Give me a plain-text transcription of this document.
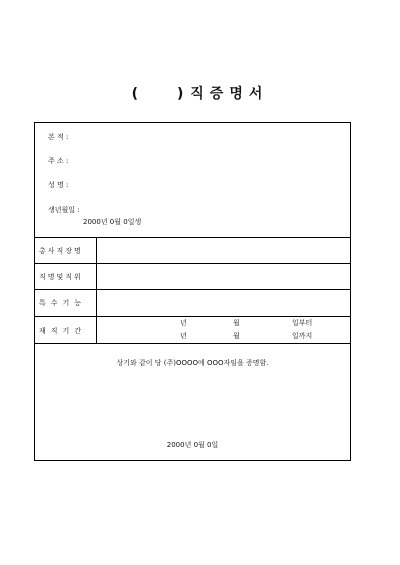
(	) 직증명서
본 적 :
주 소 :
성 명 :
생년월일 :
2000년 0월 0일생
총사직장명
직명및직위
특수기능
재직기간
년	월	일부터
년	월	일까지
상기와 같이 당 (주)OOOO에 OOO자임을 증명함.
2000년 0월 0일
